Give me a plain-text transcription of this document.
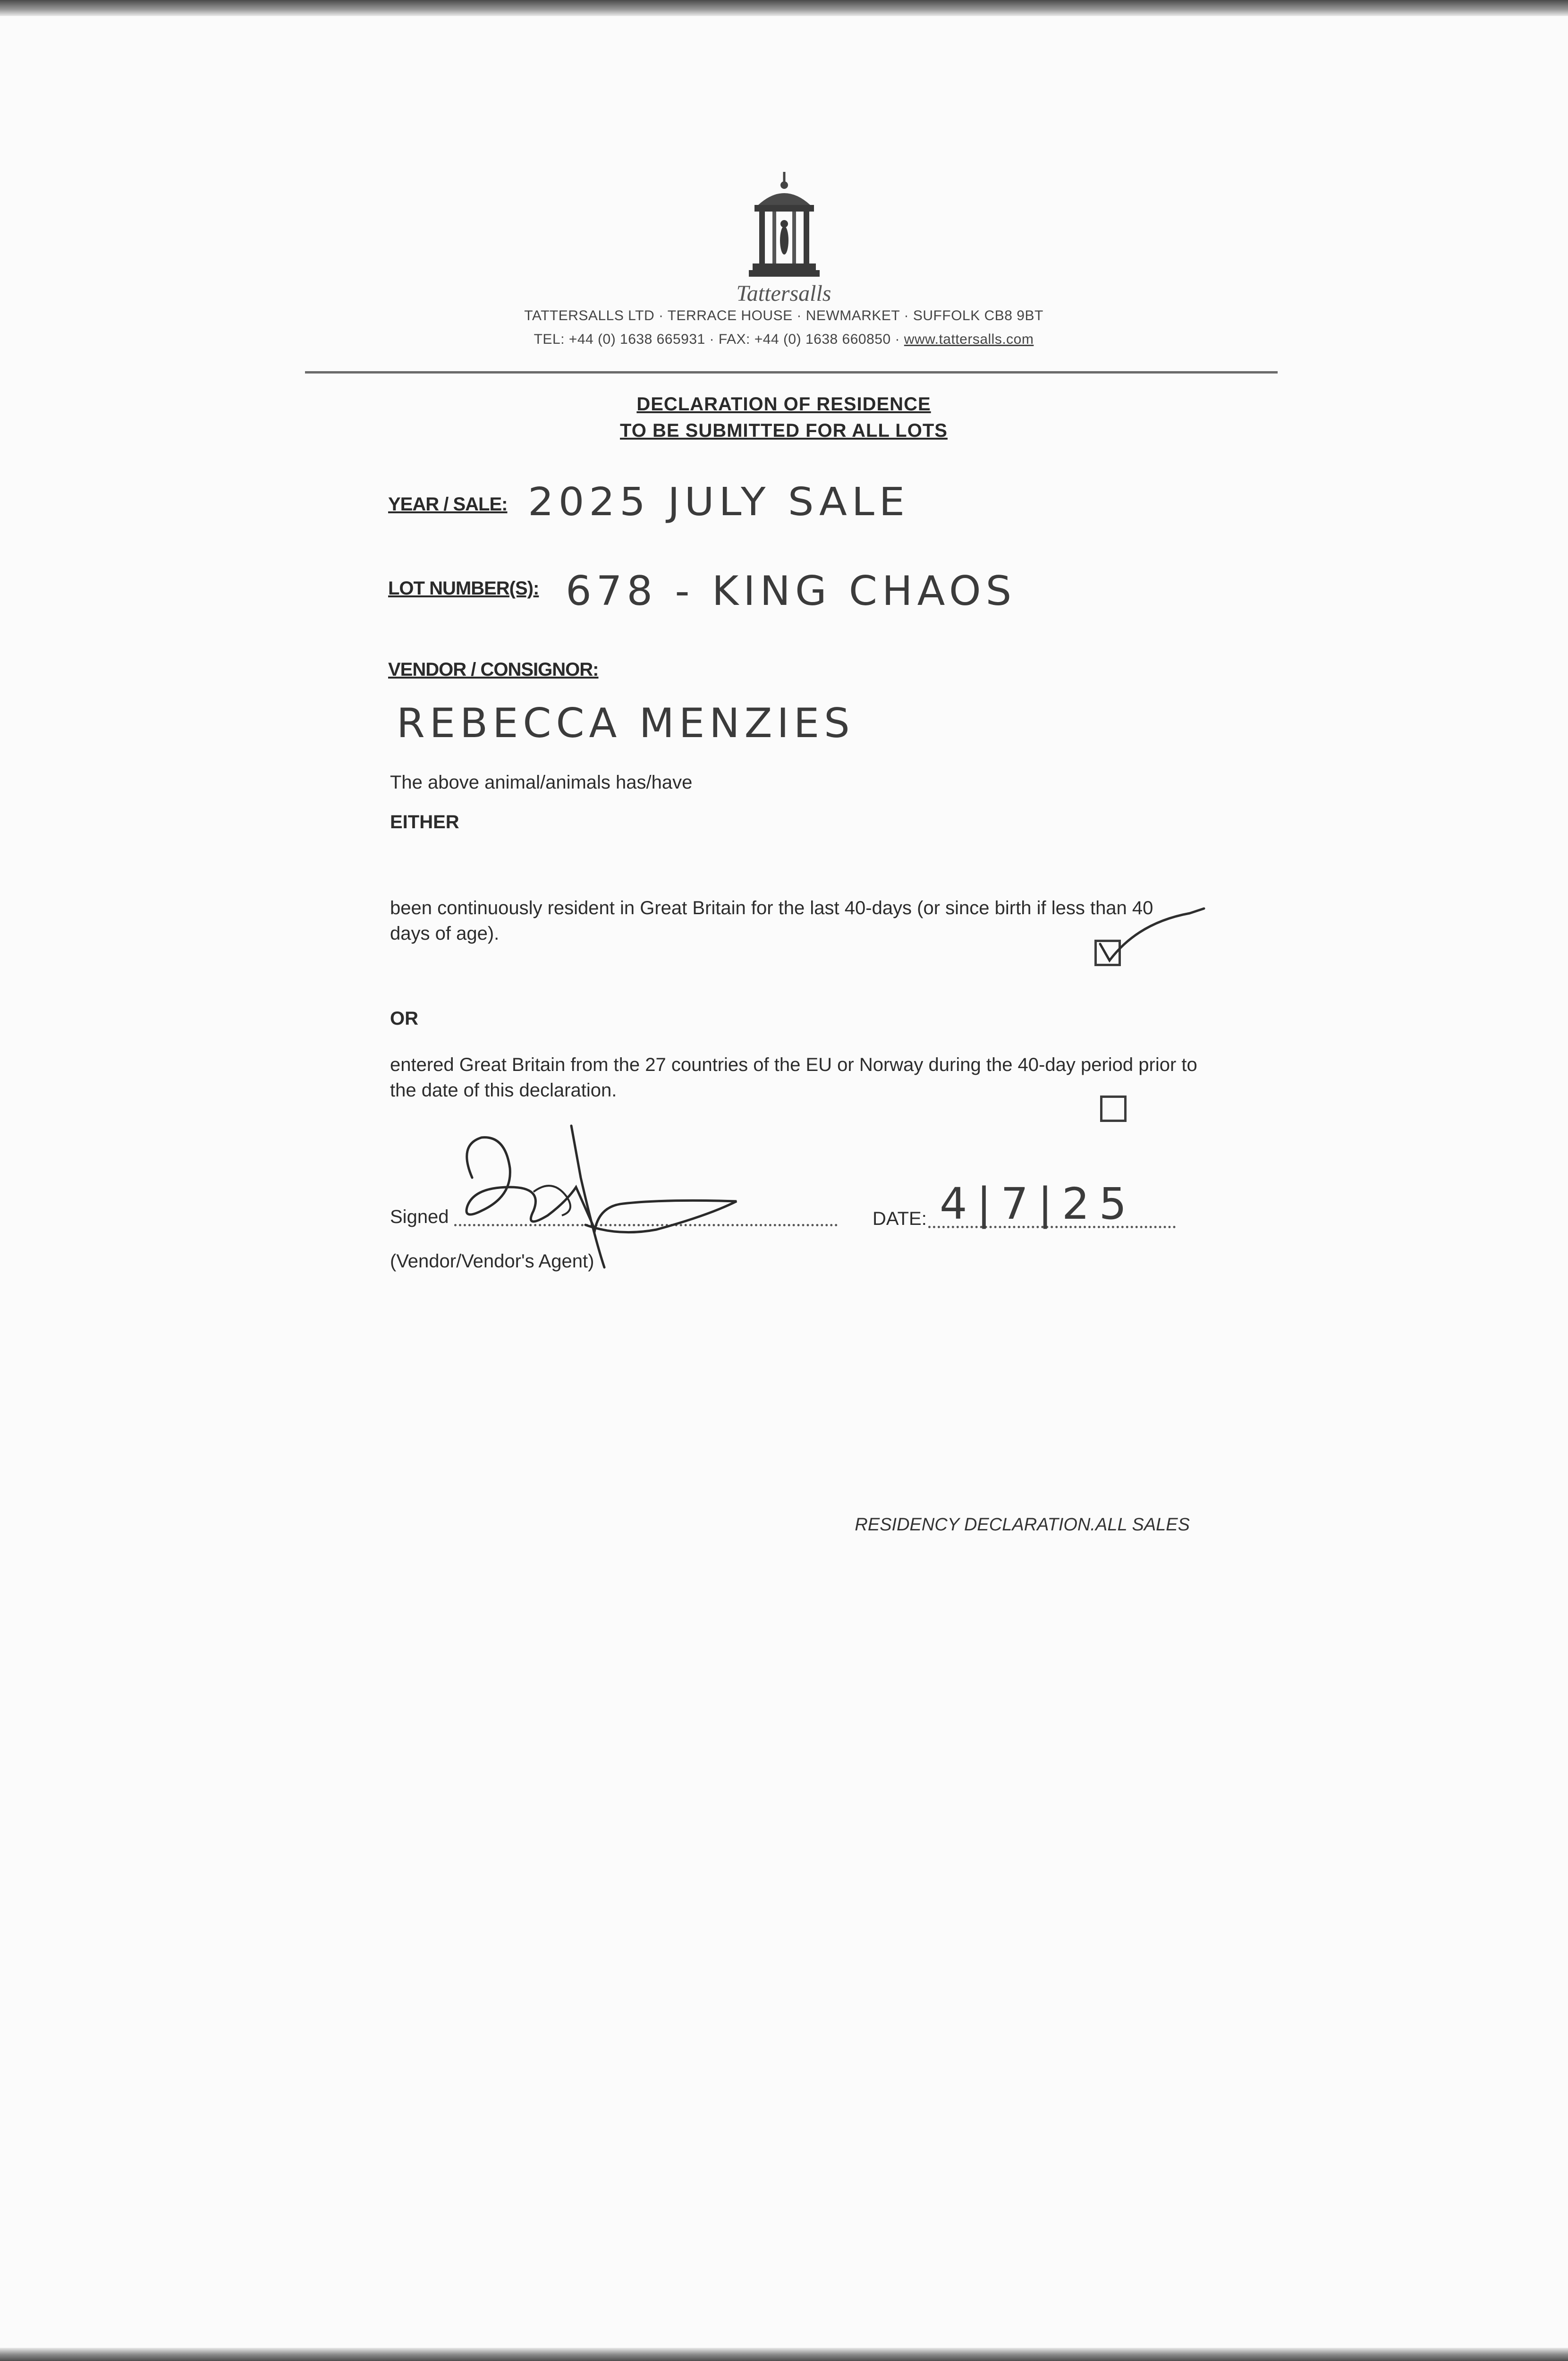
Tattersalls
TATTERSALLS LTD · TERRACE HOUSE · NEWMARKET · SUFFOLK CB8 9BT
TEL: +44 (0) 1638 665931 · FAX: +44 (0) 1638 660850 · www.tattersalls.com
DECLARATION OF RESIDENCE
TO BE SUBMITTED FOR ALL LOTS
YEAR / SALE: 2025 JULY SALE
LOT NUMBER(S): 678 - KING CHAOS
VENDOR / CONSIGNOR:
REBECCA MENZIES
The above animal/animals has/have
EITHER
been continuously resident in Great Britain for the last 40-days (or since birth if less than 40 days of age).
OR
entered Great Britain from the 27 countries of the EU or Norway during the 40-day period prior to the date of this declaration.
Signed
(Vendor/Vendor's Agent)
DATE: 4|7|25
RESIDENCY DECLARATION.ALL SALES
